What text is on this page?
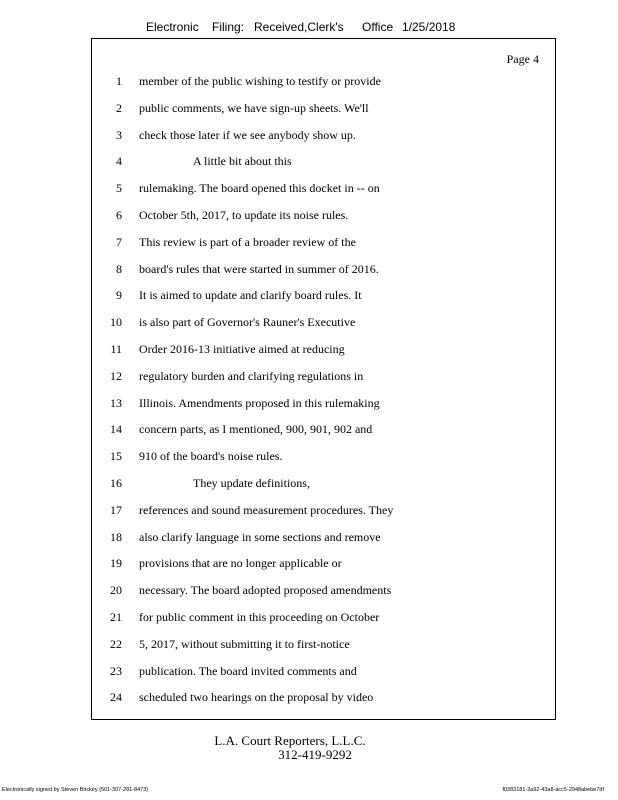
Electronic Filing: Received,Clerk's Office 1/25/2018
Page 4
1 member of the public wishing to testify or provide
2 public comments, we have sign-up sheets. We'll
3 check those later if we see anybody show up.
4	A little bit about this
5 rulemaking. The board opened this docket in -- on
6 October 5th, 2017, to update its noise rules.
7 This review is part of a broader review of the
8 board's rules that were started in summer of 2016.
9 It is aimed to update and clarify board rules. It
10 is also part of Governor's Rauner's Executive
11 Order 2016-13 initiative aimed at reducing
12 regulatory burden and clarifying regulations in
13 Illinois. Amendments proposed in this rulemaking
14 concern parts, as I mentioned, 900, 901, 902 and
15 910 of the board's noise rules.
16	They update definitions,
17 references and sound measurement procedures. They
18 also clarify language in some sections and remove
19 provisions that are no longer applicable or
20 necessary. The board adopted proposed amendments
21 for public comment in this proceeding on October
22 5, 2017, without submitting it to first-notice
23 publication. The board invited comments and
24 scheduled two hearings on the proposal by video
L.A. Court Reporters, L.L.C.
312-419-9292
Electronically signed by Steven Brickey (501-307-281-8473)	f0383181-3a92-43a8-acc5-2948abebe7df
